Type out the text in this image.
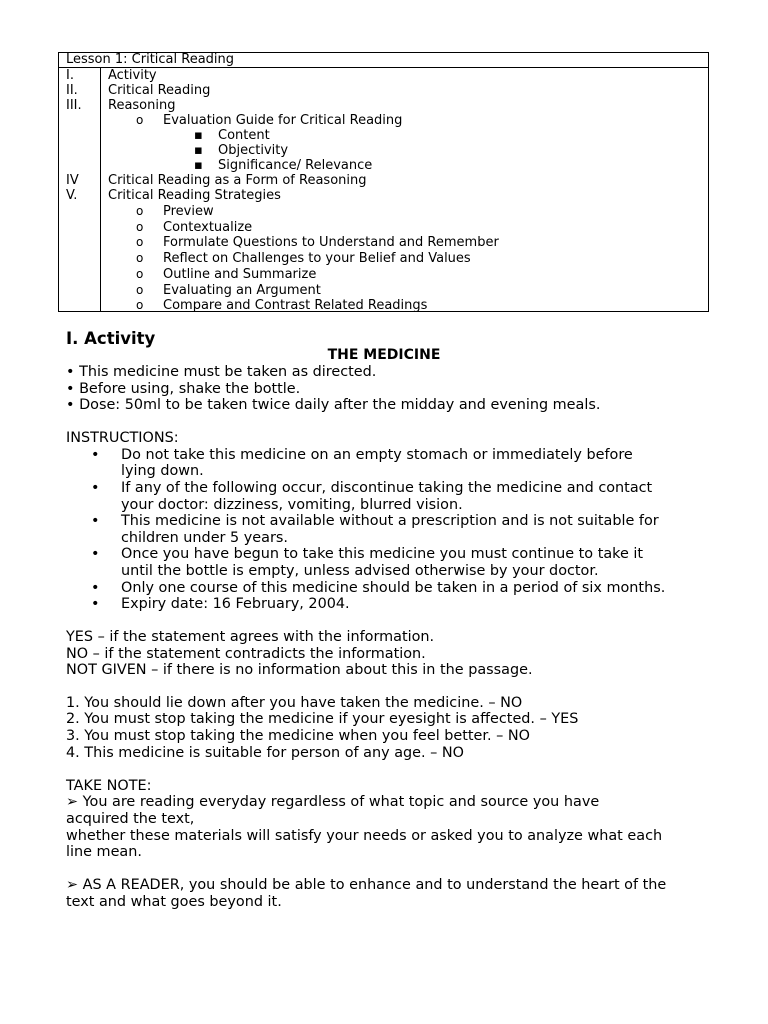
Lesson 1: Critical Reading
I.
II.
III.
IV
V.
Activity
Critical Reading
Reasoning
o Evaluation Guide for Critical Reading
▪ Content
▪ Objectivity
▪ Significance/ Relevance
Critical Reading as a Form of Reasoning
Critical Reading Strategies
o Preview
o Contextualize
o Formulate Questions to Understand and Remember
o Reflect on Challenges to your Belief and Values
o Outline and Summarize
o Evaluating an Argument
o Compare and Contrast Related Readings
I. Activity
THE MEDICINE
• This medicine must be taken as directed.
• Before using, shake the bottle.
• Dose: 50ml to be taken twice daily after the midday and evening meals.
INSTRUCTIONS:
• Do not take this medicine on an empty stomach or immediately before
lying down.
• If any of the following occur, discontinue taking the medicine and contact
your doctor: dizziness, vomiting, blurred vision.
• This medicine is not available without a prescription and is not suitable for
children under 5 years.
• Once you have begun to take this medicine you must continue to take it
until the bottle is empty, unless advised otherwise by your doctor.
• Only one course of this medicine should be taken in a period of six months.
• Expiry date: 16 February, 2004.
YES – if the statement agrees with the information.
NO – if the statement contradicts the information.
NOT GIVEN – if there is no information about this in the passage.
1. You should lie down after you have taken the medicine. – NO
2. You must stop taking the medicine if your eyesight is affected. – YES
3. You must stop taking the medicine when you feel better. – NO
4. This medicine is suitable for person of any age. – NO
TAKE NOTE:
➢ You are reading everyday regardless of what topic and source you have
acquired the text,
whether these materials will satisfy your needs or asked you to analyze what each
line mean.
➢ AS A READER, you should be able to enhance and to understand the heart of the
text and what goes beyond it.
